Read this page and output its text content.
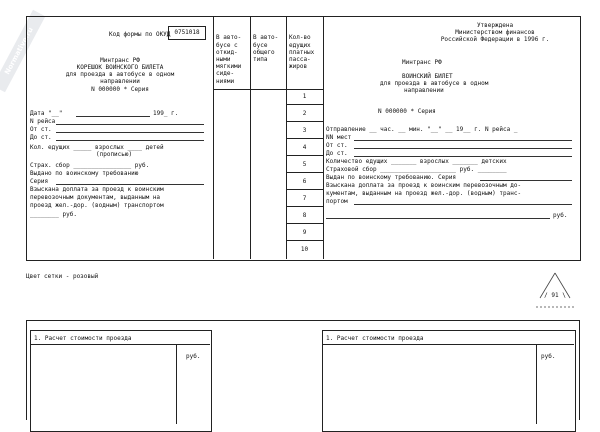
Normative.ru	Код формы по ОКУД 0751018
Минтранс РФ
КОРЕШОК ВОИНСКОГО БИЛЕТА
для проезда в автобусе в одном
направлении
N 000000 * Серия
Дата "__"	199_ г.
N рейса
От ст.
До ст.
Кол. едущих _____ взрослых ____ детей
(прописью)
Страх. сбор ________________ руб.
Выдано по воинскому требованию
Серия
Взыскана доплата за проезд к воинским
перевозочным документам, выданным на
проезд жел.-дор. (водным) транспортом
________ руб.

В авто-
бусе с
откид-
ными
мягкими
сиде-
ниями

В авто-
бусе
общего
типа

Кол-во
едущих
платных
пасса-
жиров

1
2
3
4
5
6
7
8
9
10
Утверждена
Министерством финансов
Российской Федерации в 1996 г.
Минтранс РФ
ВОИНСКИЙ БИЛЕТ
для проезда в автобусе в одном
направлении
N 000000 * Серия
Отправление __ час. __ мин. "__" __ 19__ г. N рейса _
NN мест
От ст.
До ст.
Количество едущих _______ взрослых _______ детских
Страховой сбор _____________________ руб. ________
Выдан по воинскому требованию. Серия
Взыскана доплата за проезд к воинским перевозочным до-
кументам, выданным на проезд жел.-дор. (водным) транс-
портом
руб.
Цвет сетки - розовый
/ 91 \
1. Расчет стоимости проезда
руб.
1. Расчет стоимости проезда
руб.
